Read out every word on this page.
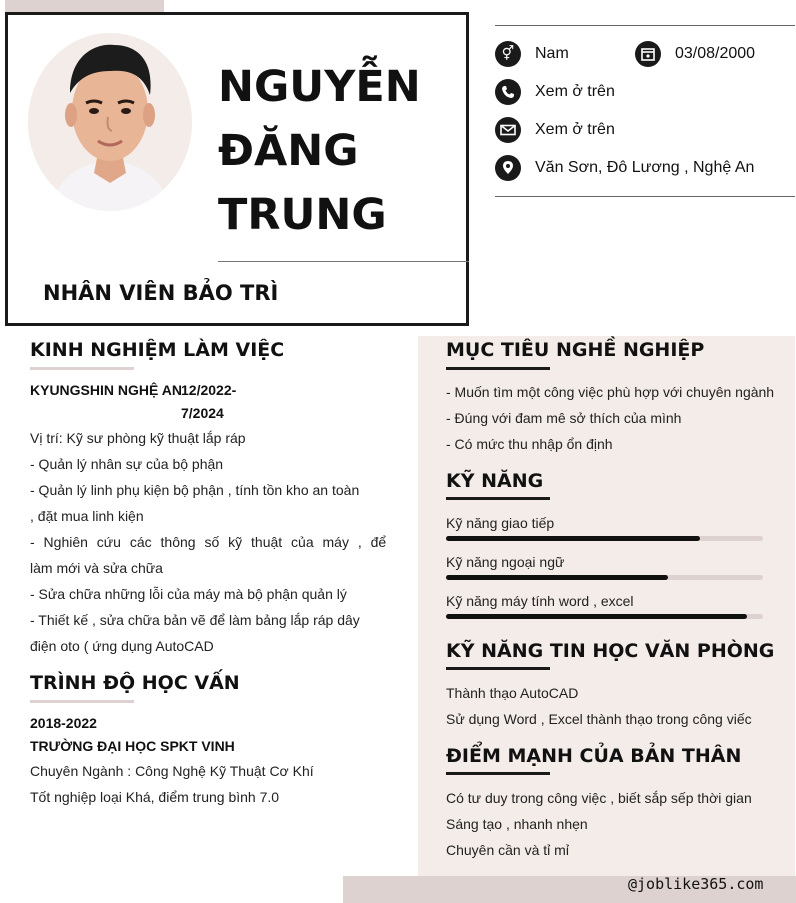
NGUYỄN
ĐĂNG
TRUNG
NHÂN VIÊN BẢO TRÌ
⚥	Nam	03/08/2000
Xem ở trên
Xem ở trên
Văn Sơn, Đô Lương , Nghệ An
KINH NGHIỆM LÀM VIỆC
KYUNGSHIN NGHỆ AN 12/2022-
7/2024
Vị trí: Kỹ sư phòng kỹ thuật lắp ráp
- Quản lý nhân sự của bộ phận
- Quản lý linh phụ kiện bộ phận , tính tồn kho an toàn
, đặt mua linh kiện
- Nghiên cứu các thông số kỹ thuật của máy , để
làm mới và sửa chữa
- Sửa chữa những lỗi của máy mà bộ phận quản lý
- Thiết kế , sửa chữa bản vẽ để làm bảng lắp ráp dây
điện oto ( ứng dụng AutoCAD
TRÌNH ĐỘ HỌC VẤN
2018-2022
TRƯỜNG ĐẠI HỌC SPKT VINH
Chuyên Ngành : Công Nghệ Kỹ Thuật Cơ Khí
Tốt nghiệp loại Khá, điểm trung bình 7.0
MỤC TIÊU NGHỀ NGHIỆP
- Muốn tìm một công việc phù hợp với chuyên ngành
- Đúng với đam mê sở thích của mình
- Có mức thu nhập ổn định
KỸ NĂNG
Kỹ năng giao tiếp
Kỹ năng ngoại ngữ
Kỹ năng máy tính word , excel
KỸ NĂNG TIN HỌC VĂN PHÒNG
Thành thạo AutoCAD
Sử dụng Word , Excel thành thạo trong công viếc
ĐIỂM MẠNH CỦA BẢN THÂN
Có tư duy trong công việc , biết sắp sếp thời gian
Sáng tạo , nhanh nhẹn
Chuyên cần và tỉ mỉ
@joblike365.com
